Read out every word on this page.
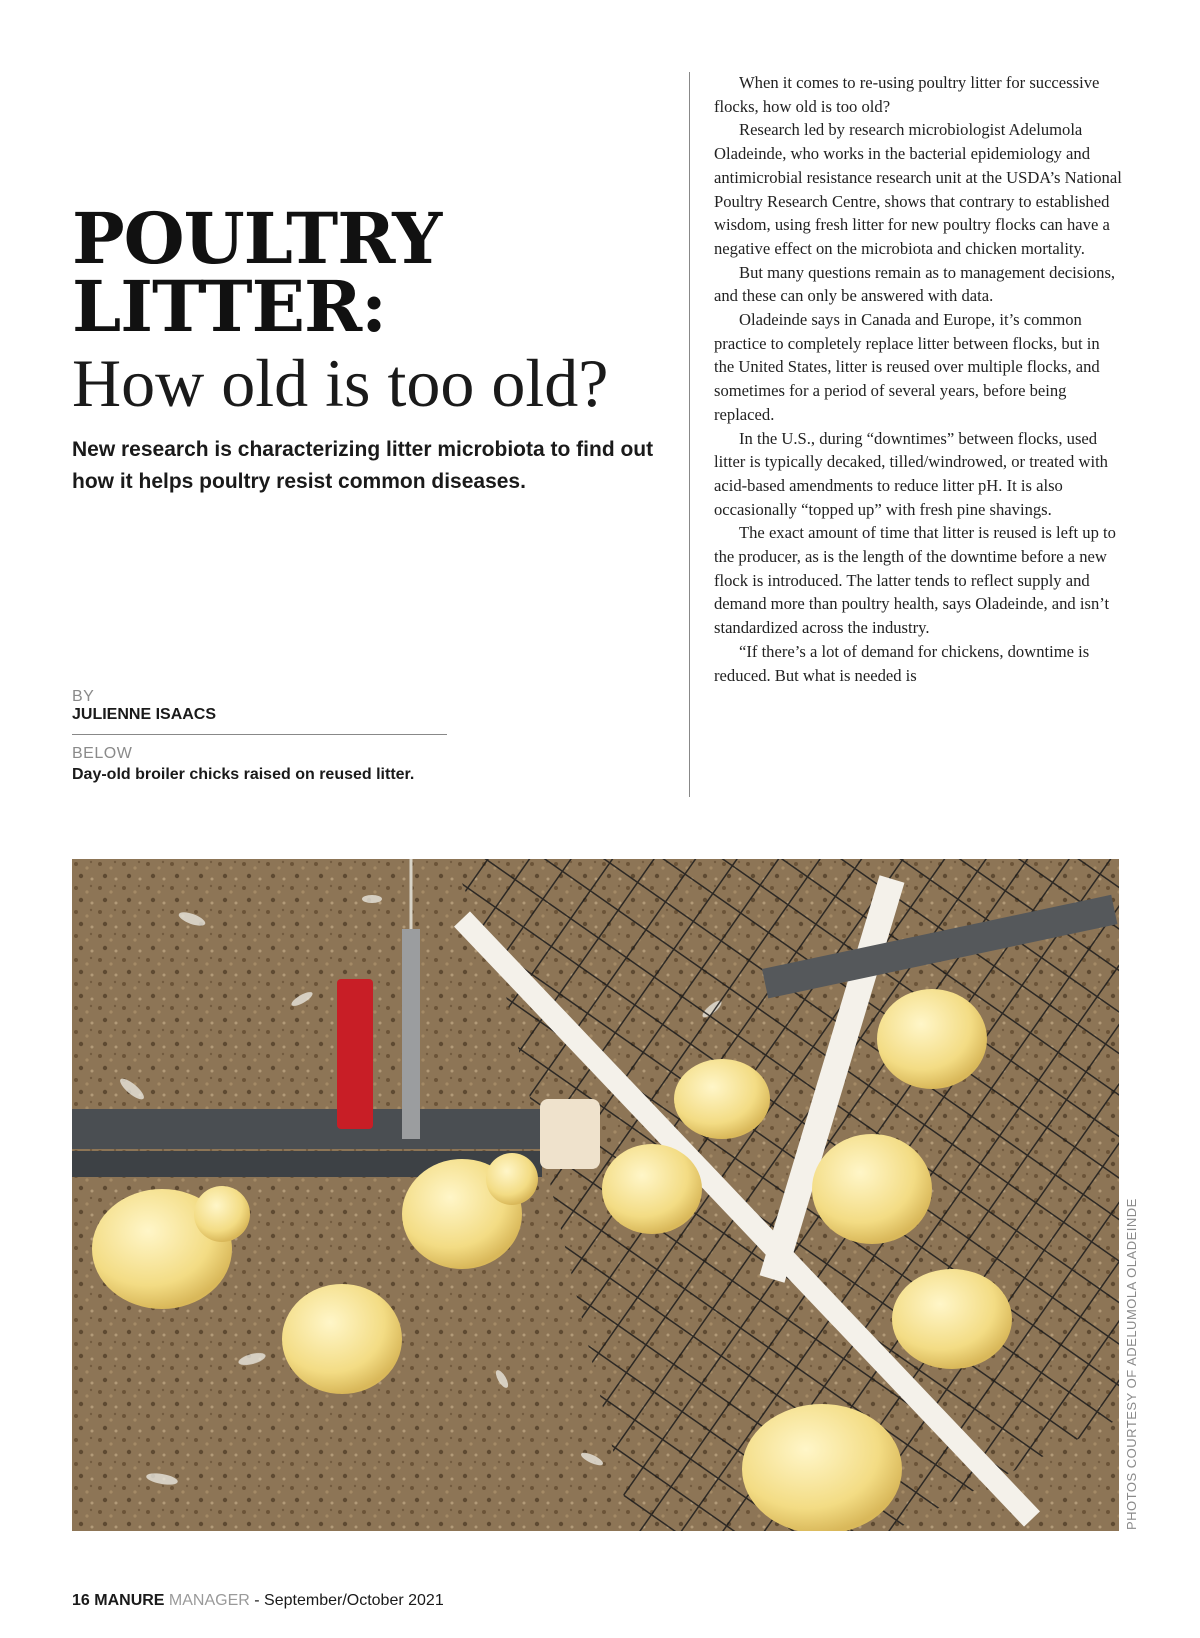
POULTRY
LITTER:
How old is too old?

New research is characterizing litter microbiota to find out how it helps poultry resist common diseases.

BY
JULIENNE ISAACS
BELOW
Day-old broiler chicks raised on reused litter.

When it comes to re-using poultry litter for successive flocks, how old is too old?

Research led by research microbiologist Adelumola Oladeinde, who works in the bacterial epidemiology and antimicrobial resistance research unit at the USDA’s National Poultry Research Centre, shows that contrary to established wisdom, using fresh litter for new poultry flocks can have a negative effect on the microbiota and chicken mortality.

But many questions remain as to management decisions, and these can only be answered with data.

Oladeinde says in Canada and Europe, it’s common practice to completely replace litter between flocks, but in the United States, litter is reused over multiple flocks, and sometimes for a period of several years, before being replaced.

In the U.S., during “downtimes” between flocks, used litter is typically decaked, tilled/windrowed, or treated with acid-based amendments to reduce litter pH. It is also occasionally “topped up” with fresh pine shavings.

The exact amount of time that litter is reused is left up to the producer, as is the length of the downtime before a new flock is introduced. The latter tends to reflect supply and demand more than poultry health, says Oladeinde, and isn’t standardized across the industry.

“If there’s a lot of demand for chickens, downtime is reduced. But what is needed is

PHOTOS COURTESY OF ADELUMOLA OLADEINDE
16 MANURE MANAGER - September/October 2021
